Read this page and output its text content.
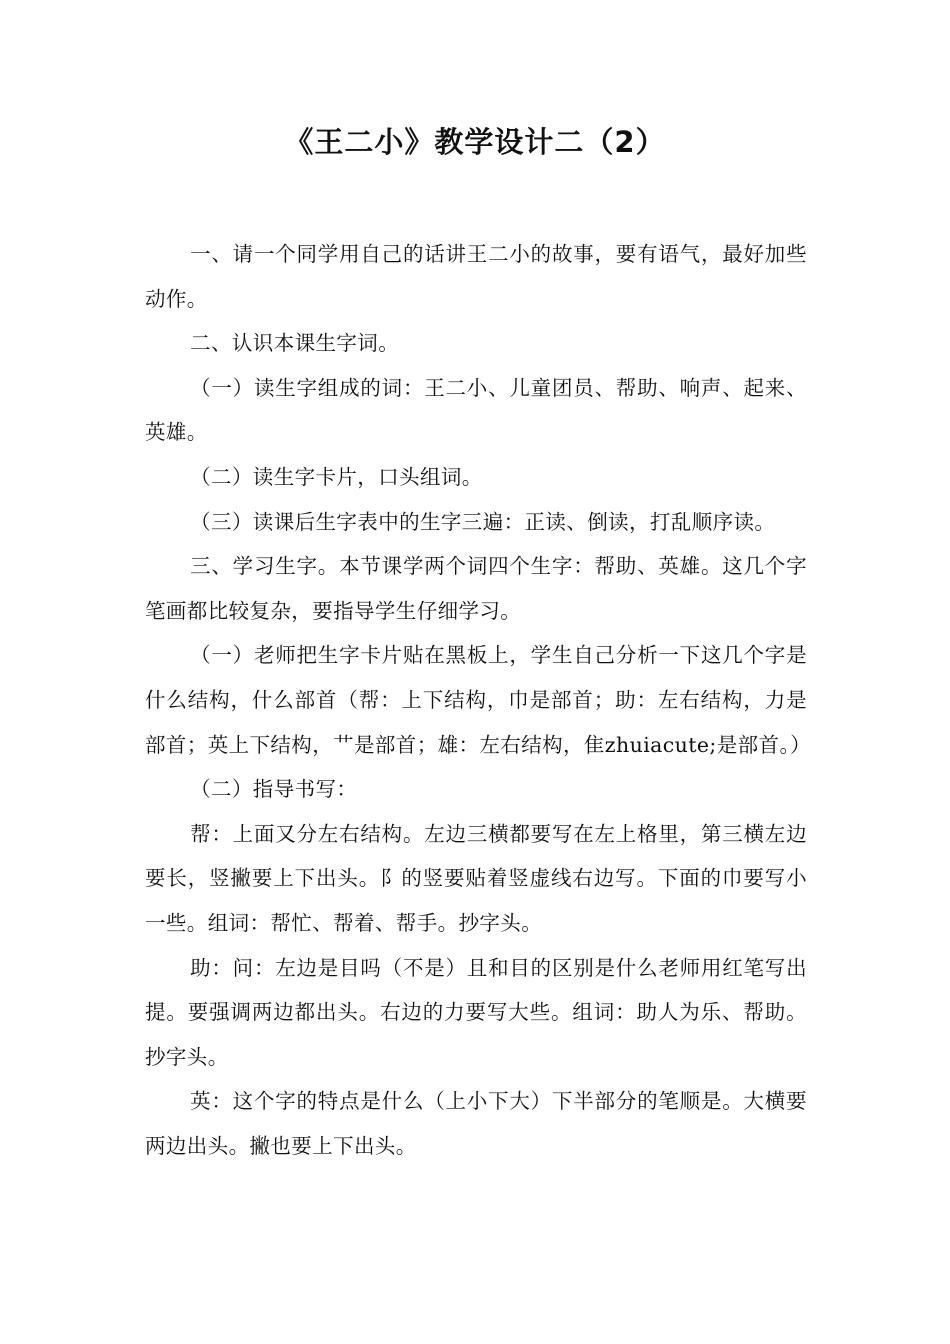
《王二小》教学设计二（2）

一、请一个同学用自己的话讲王二小的故事，要有语气，最好加些动作。

二、认识本课生字词。

（一）读生字组成的词：王二小、儿童团员、帮助、响声、起来、英雄。

（二）读生字卡片，口头组词。

（三）读课后生字表中的生字三遍：正读、倒读，打乱顺序读。

三、学习生字。本节课学两个词四个生字：帮助、英雄。这几个字笔画都比较复杂，要指导学生仔细学习。

（一）老师把生字卡片贴在黑板上，学生自己分析一下这几个字是什么结构，什么部首（帮：上下结构，巾是部首；助：左右结构，力是部首；英上下结构，艹是部首；雄：左右结构，隹zhuiacute;是部首。）

（二）指导书写：

帮：上面又分左右结构。左边三横都要写在左上格里，第三横左边要长，竖撇要上下出头。阝的竖要贴着竖虚线右边写。下面的巾要写小一些。组词：帮忙、帮着、帮手。抄字头。

助：问：左边是目吗（不是）且和目的区别是什么老师用红笔写出提。要强调两边都出头。右边的力要写大些。组词：助人为乐、帮助。抄字头。

英：这个字的特点是什么（上小下大）下半部分的笔顺是。大横要两边出头。撇也要上下出头。
